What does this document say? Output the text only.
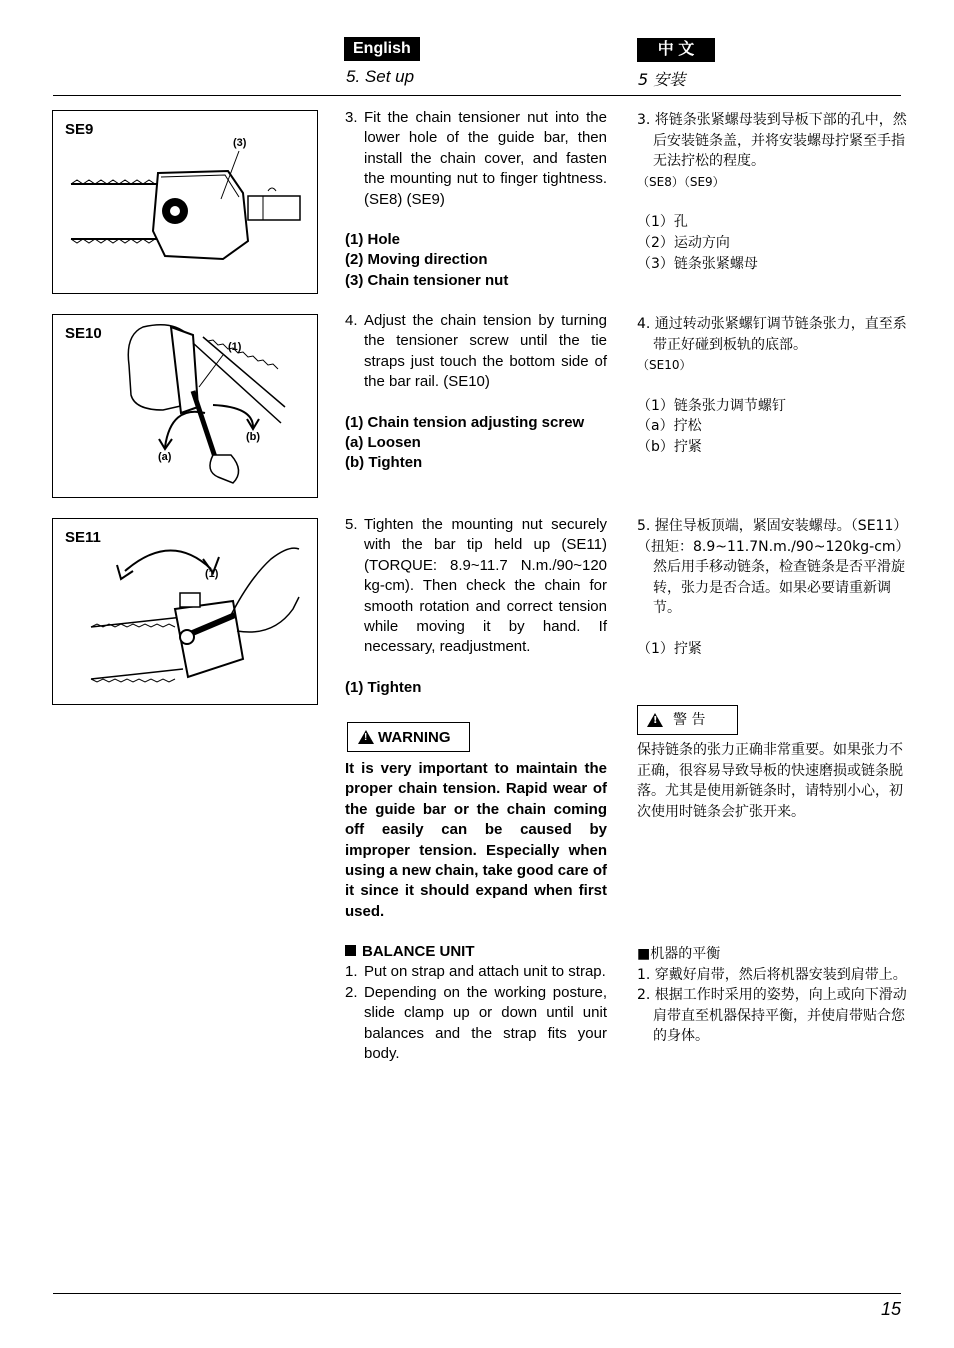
English	中 文
5. Set up	5 安装
SE9
(3)
SE10
(1)
(a)
(b)
SE11
(1)
3. Fit the chain tensioner nut into the lower hole of the guide bar, then install the chain cover, and fasten the mounting nut to finger tightness. (SE8) (SE9)
(1) Hole
(2) Moving direction
(3) Chain tensioner nut
4. Adjust the chain tension by turning the tensioner screw until the tie straps just touch the bottom side of the bar rail. (SE10)
(1) Chain tension adjusting screw
(a) Loosen
(b) Tighten
5. Tighten the mounting nut securely with the bar tip held up (SE11) (TORQUE: 8.9~11.7 N.m./90~120 kg-cm). Then check the chain for smooth rotation and correct tension while moving it by hand. If necessary, readjustment.
(1) Tighten
!
WARNING
It is very important to maintain the proper chain tension. Rapid wear of the guide bar or the chain coming off easily can be caused by improper tension. Especially when using a new chain, take good care of it since it should expand when first used.
BALANCE UNIT
1. Put on strap and attach unit to strap.
2. Depending on the working posture, slide clamp up or down until unit balances and the strap fits your body.
3. 将链条张紧螺母装到导板下部的孔中，然后安装链条盖，并将安装螺母拧紧至手指无法拧松的程度。
（SE8）（SE9）
（1）孔
（2）运动方向
（3）链条张紧螺母
4. 通过转动张紧螺钉调节链条张力，直至系带正好碰到板轨的底部。
（SE10）
（1）链条张力调节螺钉
（a）拧松
（b）拧紧
5. 握住导板顶端，紧固安装螺母。（SE11）
（扭矩：8.9~11.7N.m./90~120kg-cm）然后用手移动链条，检查链条是否平滑旋转，张力是否合适。如果必要请重新调节。
（1）拧紧
!
警 告
保持链条的张力正确非常重要。如果张力不正确，很容易导致导板的快速磨损或链条脱落。尤其是使用新链条时，请特别小心，初次使用时链条会扩张开来。
■机器的平衡
1. 穿戴好肩带，然后将机器安装到肩带上。
2. 根据工作时采用的姿势，向上或向下滑动肩带直至机器保持平衡，并使肩带贴合您的身体。
15
